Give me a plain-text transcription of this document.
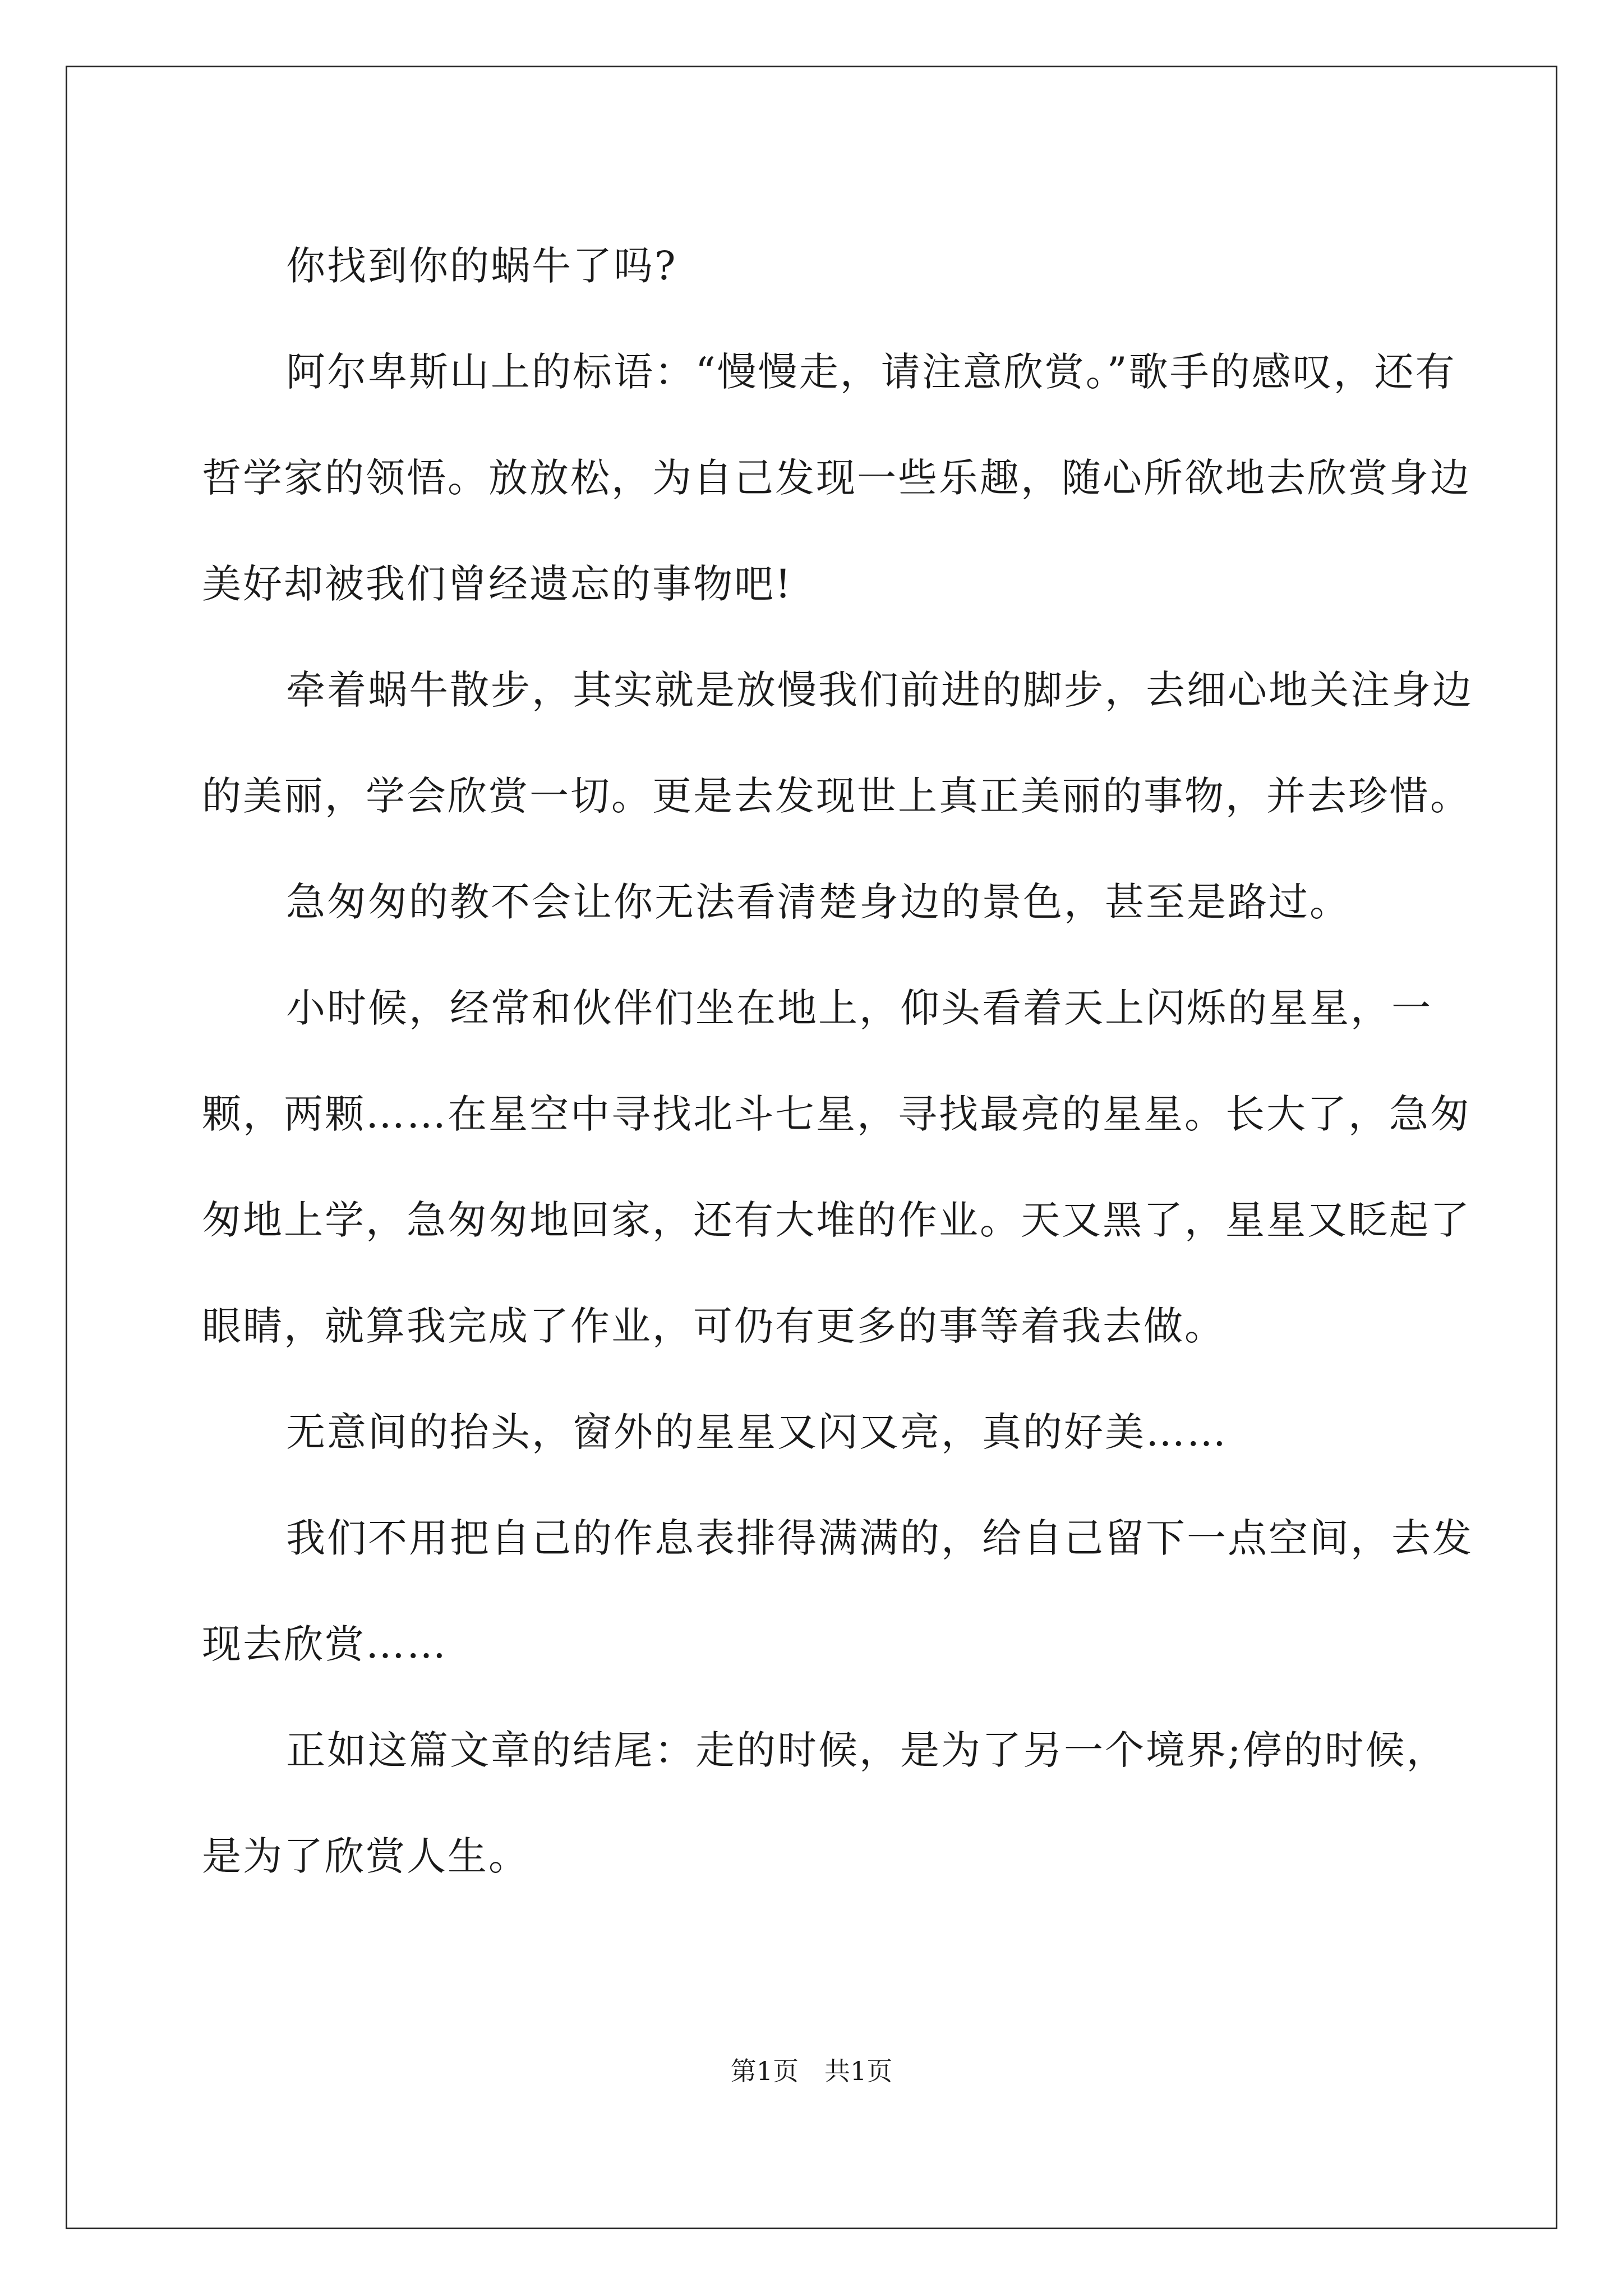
你找到你的蜗牛了吗?

阿尔卑斯山上的标语：“慢慢走，请注意欣赏。”歌手的感叹，还有哲学家的领悟。放放松，为自己发现一些乐趣，随心所欲地去欣赏身边美好却被我们曾经遗忘的事物吧!

牵着蜗牛散步，其实就是放慢我们前进的脚步，去细心地关注身边的美丽，学会欣赏一切。更是去发现世上真正美丽的事物，并去珍惜。

急匆匆的教不会让你无法看清楚身边的景色，甚至是路过。

小时候，经常和伙伴们坐在地上，仰头看着天上闪烁的星星，一颗，两颗……在星空中寻找北斗七星，寻找最亮的星星。长大了，急匆匆地上学，急匆匆地回家，还有大堆的作业。天又黑了，星星又眨起了眼睛，就算我完成了作业，可仍有更多的事等着我去做。

无意间的抬头，窗外的星星又闪又亮，真的好美……

我们不用把自己的作息表排得满满的，给自己留下一点空间，去发现去欣赏……

正如这篇文章的结尾：走的时候，是为了另一个境界;停的时候，是为了欣赏人生。

第1页　共1页
